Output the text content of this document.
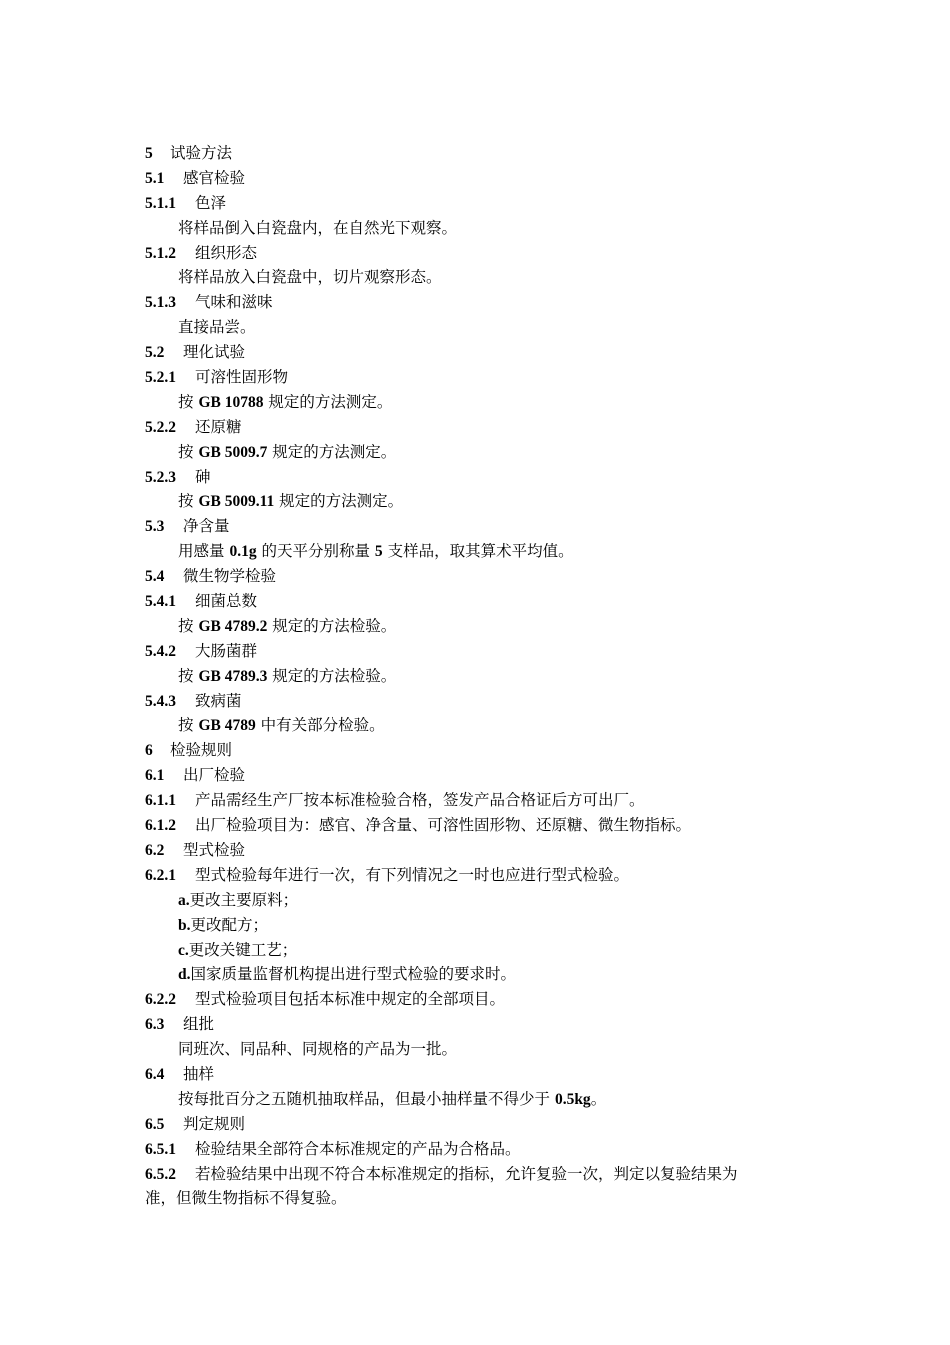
5 试验方法
5.1 感官检验
5.1.1 色泽
将样品倒入白瓷盘内，在自然光下观察。
5.1.2 组织形态
将样品放入白瓷盘中，切片观察形态。
5.1.3 气味和滋味
直接品尝。
5.2 理化试验
5.2.1 可溶性固形物
按 GB 10788 规定的方法测定。
5.2.2 还原糖
按 GB 5009.7 规定的方法测定。
5.2.3 砷
按 GB 5009.11 规定的方法测定。
5.3 净含量
用感量 0.1g 的天平分别称量 5 支样品，取其算术平均值。
5.4 微生物学检验
5.4.1 细菌总数
按 GB 4789.2 规定的方法检验。
5.4.2 大肠菌群
按 GB 4789.3 规定的方法检验。
5.4.3 致病菌
按 GB 4789 中有关部分检验。
6 检验规则
6.1 出厂检验
6.1.1 产品需经生产厂按本标准检验合格，签发产品合格证后方可出厂。
6.1.2 出厂检验项目为：感官、净含量、可溶性固形物、还原糖、微生物指标。
6.2 型式检验
6.2.1 型式检验每年进行一次，有下列情况之一时也应进行型式检验。
a.更改主要原料；
b.更改配方；
c.更改关键工艺；
d.国家质量监督机构提出进行型式检验的要求时。
6.2.2 型式检验项目包括本标准中规定的全部项目。
6.3 组批
同班次、同品种、同规格的产品为一批。
6.4 抽样
按每批百分之五随机抽取样品，但最小抽样量不得少于 0.5kg。
6.5 判定规则
6.5.1 检验结果全部符合本标准规定的产品为合格品。
6.5.2 若检验结果中出现不符合本标准规定的指标，允许复验一次，判定以复验结果为
准，但微生物指标不得复验。
